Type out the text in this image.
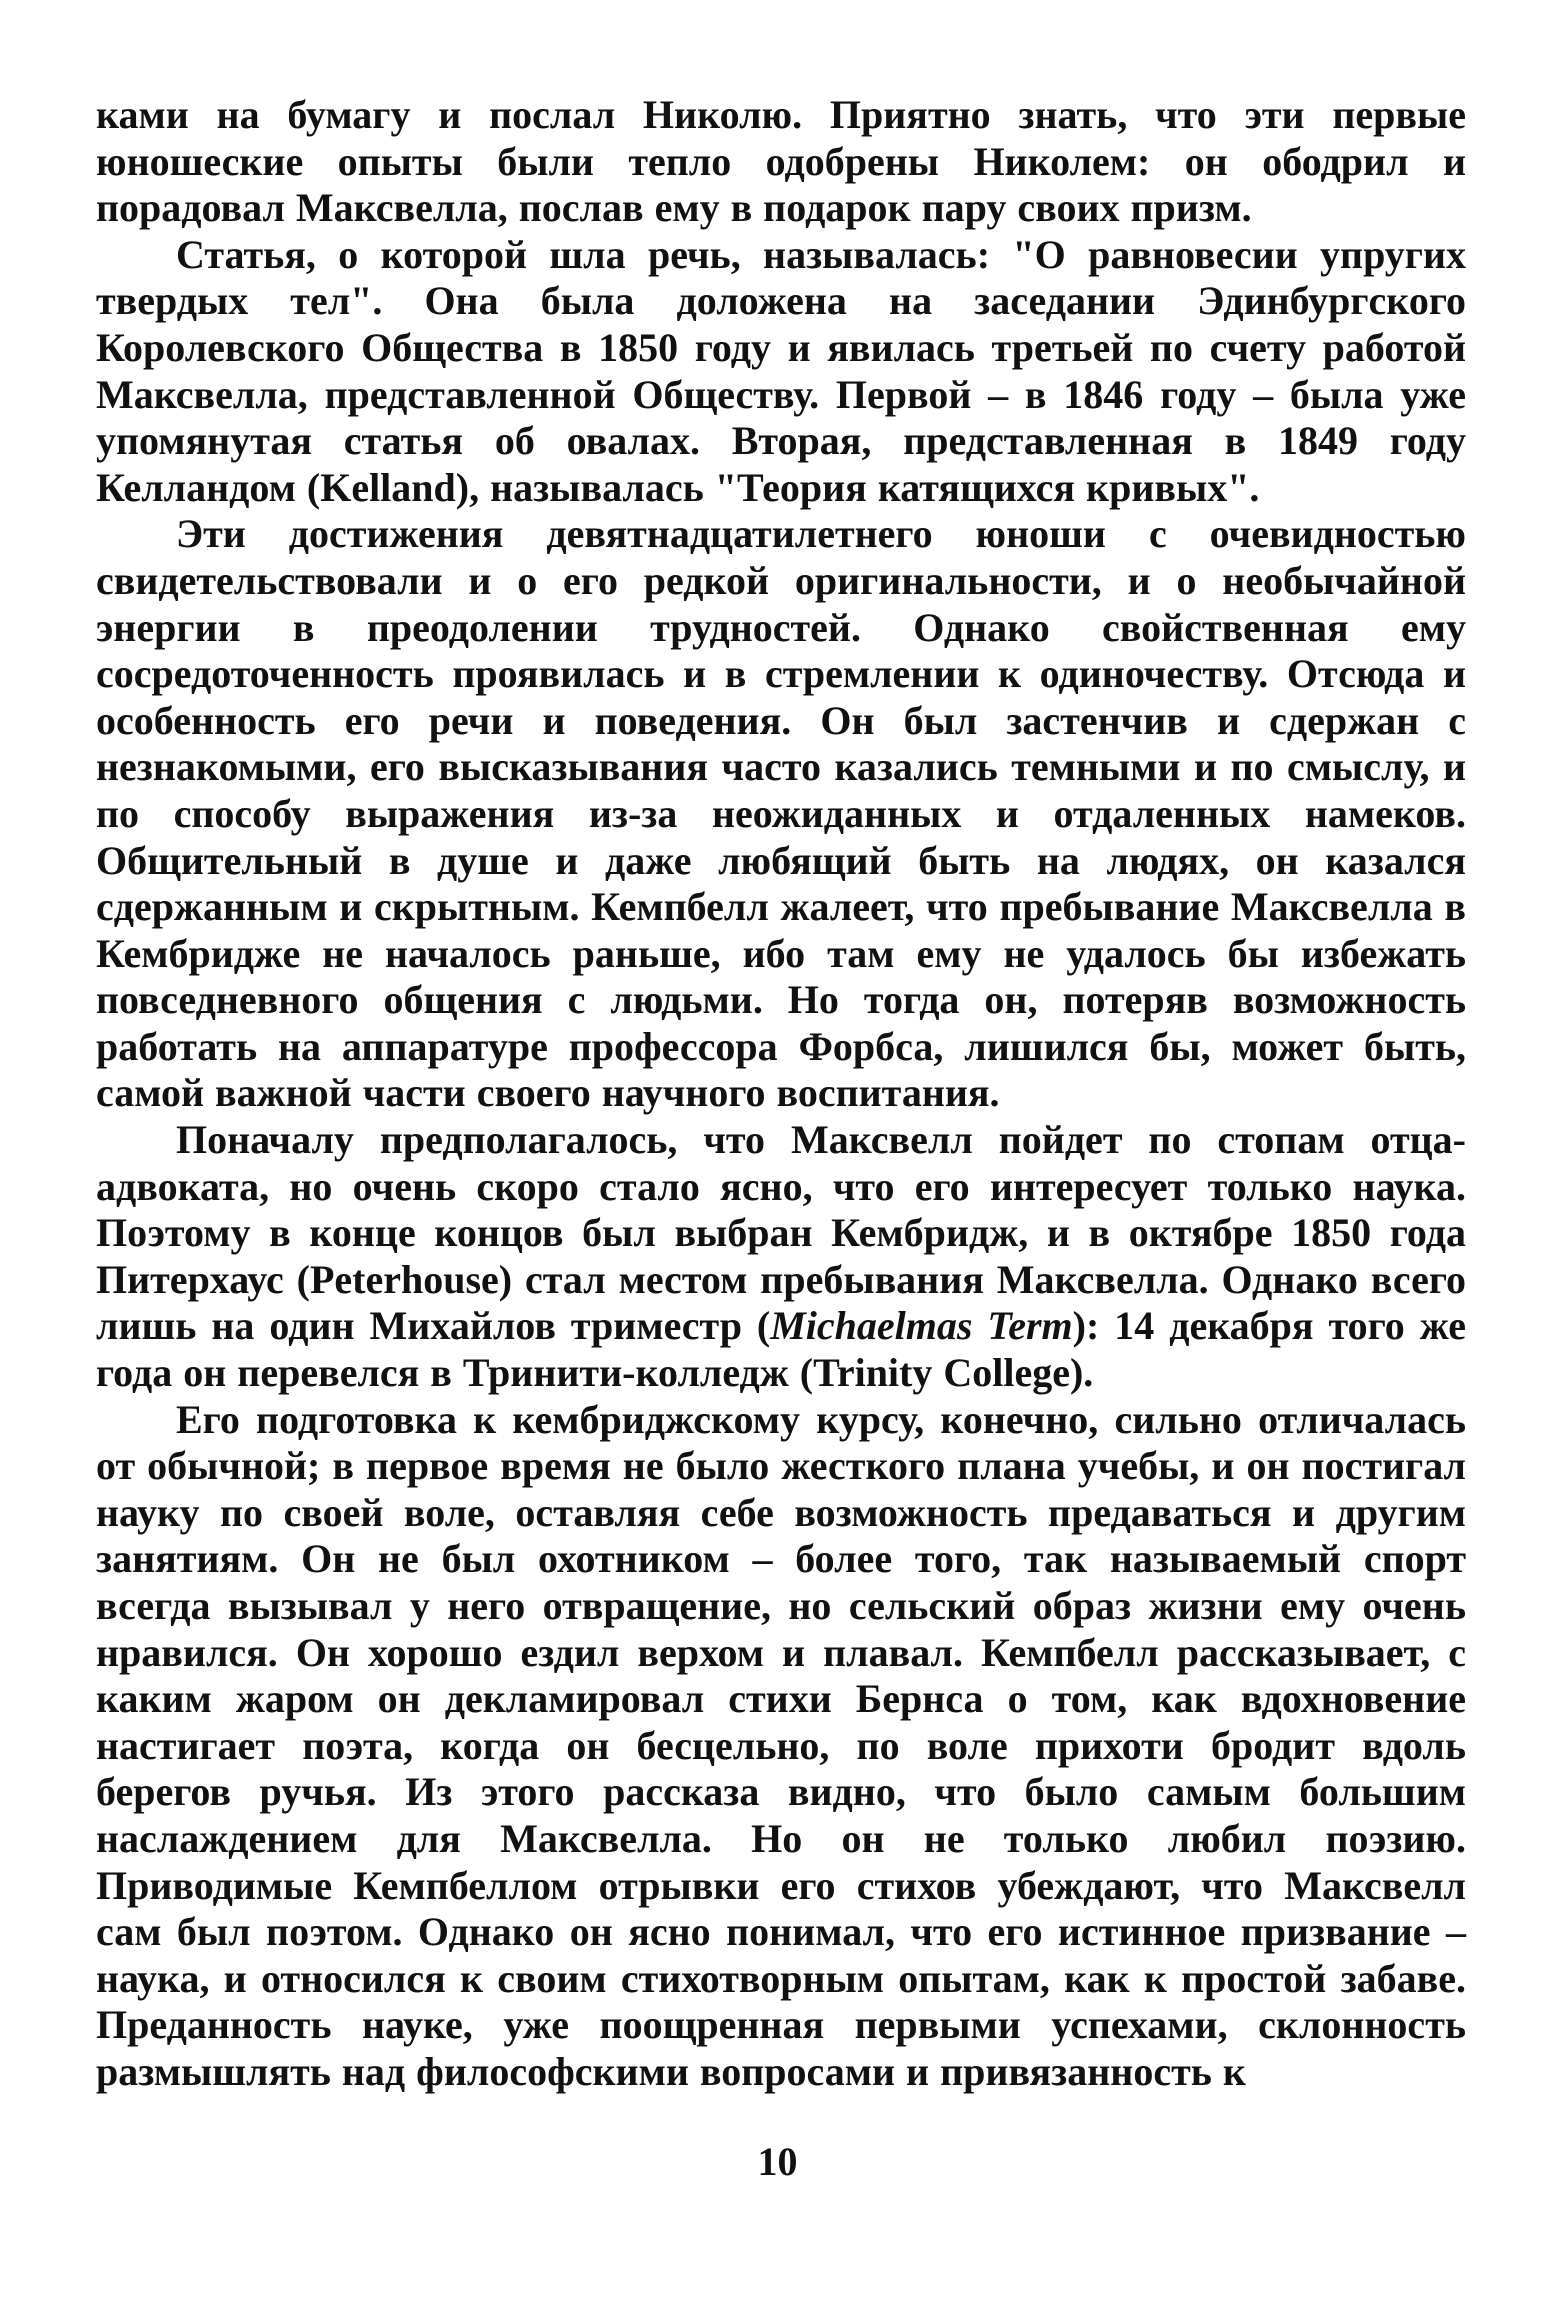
ками на бумагу и послал Николю. Приятно знать, что эти первые юношеские опыты были тепло одобрены Николем: он ободрил и порадовал Максвелла, послав ему в подарок пару своих призм.

Статья, о которой шла речь, называлась: "О равновесии упругих твердых тел". Она была доложена на заседании Эдинбургского Королевского Общества в 1850 году и явилась третьей по счету работой Максвелла, представленной Обществу. Первой – в 1846 году – была уже упомянутая статья об овалах. Вторая, представленная в 1849 году Келландом (Kelland), называлась "Теория катящихся кривых".

Эти достижения девятнадцатилетнего юноши с очевидностью свидетельствовали и о его редкой оригинальности, и о необычайной энергии в преодолении трудностей. Однако свойственная ему сосредоточенность проявилась и в стремлении к одиночеству. Отсюда и особенность его речи и поведения. Он был застенчив и сдержан с незнакомыми, его высказывания часто казались темными и по смыслу, и по способу выражения из-за неожиданных и отдаленных намеков. Общительный в душе и даже любящий быть на людях, он казался сдержанным и скрытным. Кемпбелл жалеет, что пребывание Максвелла в Кембридже не началось раньше, ибо там ему не удалось бы избежать повседневного общения с людьми. Но тогда он, потеряв возможность работать на аппаратуре профессора Форбса, лишился бы, может быть, самой важной части своего научного воспитания.

Поначалу предполагалось, что Максвелл пойдет по стопам отца-адвоката, но очень скоро стало ясно, что его интересует только наука. Поэтому в конце концов был выбран Кембридж, и в октябре 1850 года Питерхаус (Peterhouse) стал местом пребывания Максвелла. Однако всего лишь на один Михайлов триместр (Michaelmas Term): 14 декабря того же года он перевелся в Тринити-колледж (Trinity College).

Его подготовка к кембриджскому курсу, конечно, сильно отличалась от обычной; в первое время не было жесткого плана учебы, и он постигал науку по своей воле, оставляя себе возможность предаваться и другим занятиям. Он не был охотником – более того, так называемый спорт всегда вызывал у него отвращение, но сельский образ жизни ему очень нравился. Он хорошо ездил верхом и плавал. Кемпбелл рассказывает, с каким жаром он декламировал стихи Бернса о том, как вдохновение настигает поэта, когда он бесцельно, по воле прихоти бродит вдоль берегов ручья. Из этого рассказа видно, что было самым большим наслаждением для Максвелла. Но он не только любил поэзию. Приводимые Кемпбеллом отрывки его стихов убеждают, что Максвелл сам был поэтом. Однако он ясно понимал, что его истинное призвание – наука, и относился к своим стихотворным опытам, как к простой забаве. Преданность науке, уже поощренная первыми успехами, склонность размышлять над философскими вопросами и привязанность к

10
